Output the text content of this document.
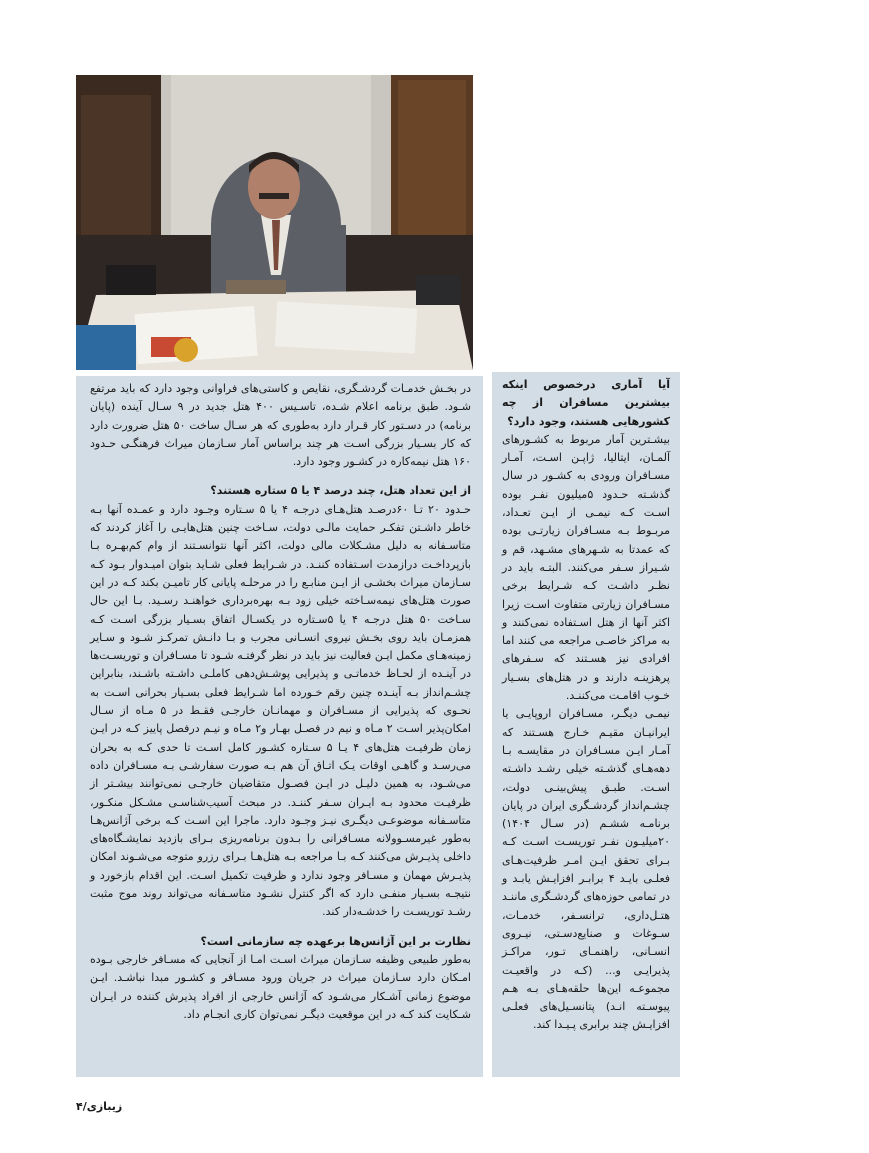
در بخـش خدمـات گردشـگری، نقایص و کاستی‌های فراوانی وجود دارد که باید مرتفع شـود. طبق برنامه اعلام شـده، تاسـیس ۴۰۰ هتل جدید در ۹ سـال آینده (پایان برنامه) در دسـتور کار قـرار دارد به‌طوری که هر سـال ساخت ۵۰ هتل ضرورت دارد که کار بسـیار بزرگی اسـت هر چند براساس آمار سـازمان میراث فرهنگـی حـدود ۱۶۰ هتل نیمه‌کاره در کشـور وجود دارد.

از این تعداد هتل، چند درصد ۴ یا ۵ ستاره هستند؟

حـدود ۲۰ تـا ۶۰درصـد هتل‌هـای درجـه ۴ یا ۵ سـتاره وجـود دارد و عمـده آنها بـه خاطر داشـتن تفکـر حمایت مالـی دولت، سـاخت چنین هتل‌هایـی را آغاز کردند که متاسـفانه به دلیل مشـکلات مالی دولت، اکثر آنها نتوانسـتند از وام کم‌بهـره بـا بازپرداخـت درازمدت اسـتفاده کننـد. در شـرایط فعلی شـاید بتوان امیـدوار بـود کـه سـازمان میراث بخشـی از ایـن منابـع را در مرحلـه پایانی کار تامیـن بکند کـه در این صورت هتل‌های نیمه‌سـاخته خیلی زود بـه بهره‌برداری خواهنـد رسـید. بـا این حال سـاخت ۵۰ هتل درجـه ۴ یا ۵سـتاره در یکسـال اتفاق بسـیار بزرگی اسـت کـه همزمـان باید روی بخـش نیروی انسـانی مجرب و بـا دانـش تمرکـز شـود و سـایر زمینه‌هـای مکمل ایـن فعالیت نیز باید در نظر گرفتـه شـود تا مسـافران و توریسـت‌ها در آینـده از لحـاظ خدماتـی و پذیرایی پوشـش‌دهی کاملـی داشـته باشـند، بنابراین چشـم‌انداز بـه آینـده چنین رقم خـورده اما شـرایط فعلی بسـیار بحرانی اسـت به نحـوی که پذیرایی از مسـافران و مهمانـان خارجـی فقـط در ۵ مـاه از سـال امکان‌پذیر اسـت ۲ مـاه و نیم در فصـل بهـار و۲ مـاه و نیـم درفصل پاییز کـه در ایـن زمان ظرفیـت هتل‌های ۴ یـا ۵ سـتاره کشـور کامل اسـت تا حدی کـه به بحران می‌رسـد و گاهـی اوقات یـک اتـاق آن هم بـه صورت سفارشـی بـه مسـافران داده می‌شـود، به همین دلیـل در ایـن فصـول متقاضیان خارجـی نمی‌توانند بیشـتر از ظرفیـت محدود بـه ایـران سـفر کننـد. در مبحث آسیب‌شناسـی مشـکل منکـور، متاسـفانه موضوعـی دیگـری نیـز وجـود دارد. ماجرا این اسـت کـه برخی آژانس‌هـا به‌طور غیرمسـوولانه مسـافرانی را بـدون برنامه‌ریزی بـرای بازدید نمایشـگاه‌های داخلی پذیـرش می‌کنند کـه بـا مراجعه بـه هتل‌هـا بـرای رزرو متوجه می‌شـوند امکان پذیـرش مهمان و مسـافر وجود ندارد و ظرفیت تکمیل اسـت. این اقدام بازخورد و نتیجـه بسـیار منفـی دارد که اگر کنترل نشـود متاسـفانه می‌تواند روند موج مثبت رشـد توریسـت را خدشـه‌دار کند.

نظارت بر این آژانس‌ها برعهده چه سازمانی است؟

به‌طور طبیعی وظیفه سـازمان میراث اسـت امـا از آنجایی که مسـافر خارجی بـوده امـکان دارد سـازمان میراث در جریان ورود مسـافر و کشـور مبدا نباشـد. ایـن موضوع زمانی آشـکار می‌شـود که آژانس خارجی از افراد پذیرش کننده در ایـران شـکایت کند کـه در این موقعیت دیگـر نمی‌توان کاری انجـام داد.

آیا آماری درخصوص اینکه بیشترین مسافران از چه کشورهایی هستند، وجود دارد؟

بیشـترین آمار مربوط به کشـورهای آلمـان، ایتالیا، ژاپـن اسـت، آمـار مسـافران ورودی به کشـور در سال گذشـته حـدود ۵میلیون نفـر بوده اسـت کـه نیمـی از ایـن تعـداد، مربـوط بـه مسـافران زیارتـی بوده که عمدتا به شـهرهای مشـهد، قم و شـیراز سـفر می‌کنند. البتـه باید در نظـر داشـت کـه شـرایط برخی مسـافران زیارتی متفاوت اسـت زیرا اکثر آنها از هتل اسـتفاده نمی‌کنند و به مراکز خاصـی مراجعه می کنند اما افرادی نیز هسـتند که سـفرهای پرهزینـه دارند و در هتل‌های بسـیار خـوب اقامـت می‌کننـد.

نیمـی دیگـر، مسـافران اروپایـی یا ایرانیـان مقیـم خـارج هسـتند که آمـار ایـن مسـافران در مقایسـه بـا دهه‌هـای گذشـته خیلی رشـد داشـته اسـت. طبـق پیش‌بینـی دولت، چشـم‌انداز گردشـگری ایران در پایان برنامـه ششـم (در سـال ۱۴۰۴) ۲۰میلیـون نفـر توریسـت اسـت کـه بـرای تحقق ایـن امـر ظرفیت‌هـای فعلـی بایـد ۴ برابـر افزایـش یابـد و در تمامی حوزه‌های گردشـگری ماننـد هتـل‌داری، ترانسـفر، خدمـات، سـوغات و صنایع‌دسـتی، نیـروی انسـانی، راهنمـای تـور، مراکـز پذیرایـی و... (کـه در واقعیـت مجموعـه این‌ها حلقه‌هـای بـه هـم پیوسـته انـد) پتانسـیل‌های فعلـی افزایـش چند برابری پـیـدا کند.

زیبازی/۴
